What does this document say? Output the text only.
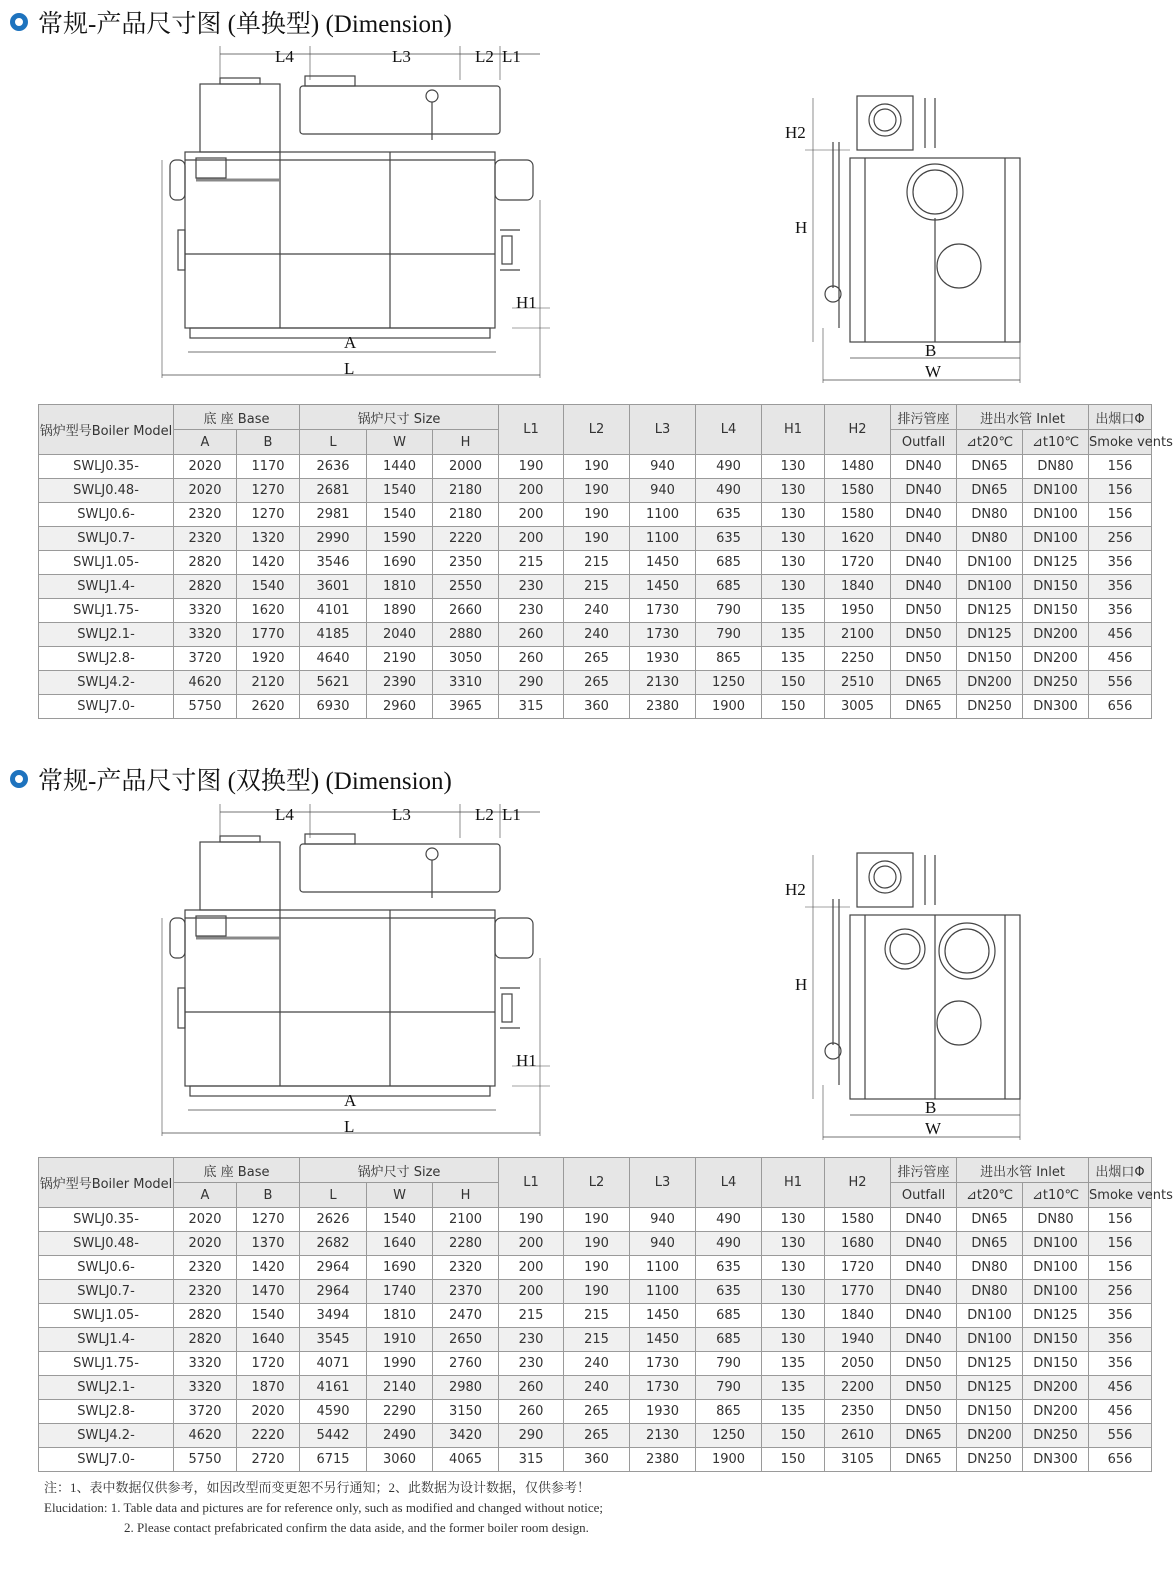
常规-产品尺寸图 (单换型) (Dimension)
L4	L3	L2 L1
H1
A
L
H2
H
B
W
锅炉型号Boiler Model	底 座 Base		锅炉尺寸 Size			L1	L2	L3	L4	H1	H2	排污管座	进出水管 Inlet		出烟口Φ
	A	B	L	W	H							Outfall	⊿t20℃	⊿t10℃	Smoke vents
SWLJ0.35-	2020	1170	2636	1440	2000	190	190	940	490	130	1480	DN40	DN65	DN80	156
SWLJ0.48-	2020	1270	2681	1540	2180	200	190	940	490	130	1580	DN40	DN65	DN100	156
SWLJ0.6-	2320	1270	2981	1540	2180	200	190	1100	635	130	1580	DN40	DN80	DN100	156
SWLJ0.7-	2320	1320	2990	1590	2220	200	190	1100	635	130	1620	DN40	DN80	DN100	256
SWLJ1.05-	2820	1420	3546	1690	2350	215	215	1450	685	130	1720	DN40	DN100	DN125	356
SWLJ1.4-	2820	1540	3601	1810	2550	230	215	1450	685	130	1840	DN40	DN100	DN150	356
SWLJ1.75-	3320	1620	4101	1890	2660	230	240	1730	790	135	1950	DN50	DN125	DN150	356
SWLJ2.1-	3320	1770	4185	2040	2880	260	240	1730	790	135	2100	DN50	DN125	DN200	456
SWLJ2.8-	3720	1920	4640	2190	3050	260	265	1930	865	135	2250	DN50	DN150	DN200	456
SWLJ4.2-	4620	2120	5621	2390	3310	290	265	2130	1250	150	2510	DN65	DN200	DN250	556
SWLJ7.0-	5750	2620	6930	2960	3965	315	360	2380	1900	150	3005	DN65	DN250	DN300	656
常规-产品尺寸图 (双换型) (Dimension)
L4	L3	L2 L1
H1
A
L
H2
H
B
W
锅炉型号Boiler Model	底 座 Base		锅炉尺寸 Size			L1	L2	L3	L4	H1	H2	排污管座	进出水管 Inlet		出烟口Φ
	A	B	L	W	H							Outfall	⊿t20℃	⊿t10℃	Smoke vents
SWLJ0.35-	2020	1270	2626	1540	2100	190	190	940	490	130	1580	DN40	DN65	DN80	156
SWLJ0.48-	2020	1370	2682	1640	2280	200	190	940	490	130	1680	DN40	DN65	DN100	156
SWLJ0.6-	2320	1420	2964	1690	2320	200	190	1100	635	130	1720	DN40	DN80	DN100	156
SWLJ0.7-	2320	1470	2964	1740	2370	200	190	1100	635	130	1770	DN40	DN80	DN100	256
SWLJ1.05-	2820	1540	3494	1810	2470	215	215	1450	685	130	1840	DN40	DN100	DN125	356
SWLJ1.4-	2820	1640	3545	1910	2650	230	215	1450	685	130	1940	DN40	DN100	DN150	356
SWLJ1.75-	3320	1720	4071	1990	2760	230	240	1730	790	135	2050	DN50	DN125	DN150	356
SWLJ2.1-	3320	1870	4161	2140	2980	260	240	1730	790	135	2200	DN50	DN125	DN200	456
SWLJ2.8-	3720	2020	4590	2290	3150	260	265	1930	865	135	2350	DN50	DN150	DN200	456
SWLJ4.2-	4620	2220	5442	2490	3420	290	265	2130	1250	150	2610	DN65	DN200	DN250	556
SWLJ7.0-	5750	2720	6715	3060	4065	315	360	2380	1900	150	3105	DN65	DN250	DN300	656
注：1、表中数据仅供参考，如因改型而变更恕不另行通知；2、此数据为设计数据，仅供参考！
Elucidation: 1. Table data and pictures are for reference only, such as modified and changed without notice;
2. Please contact prefabricated confirm the data aside, and the former boiler room design.
